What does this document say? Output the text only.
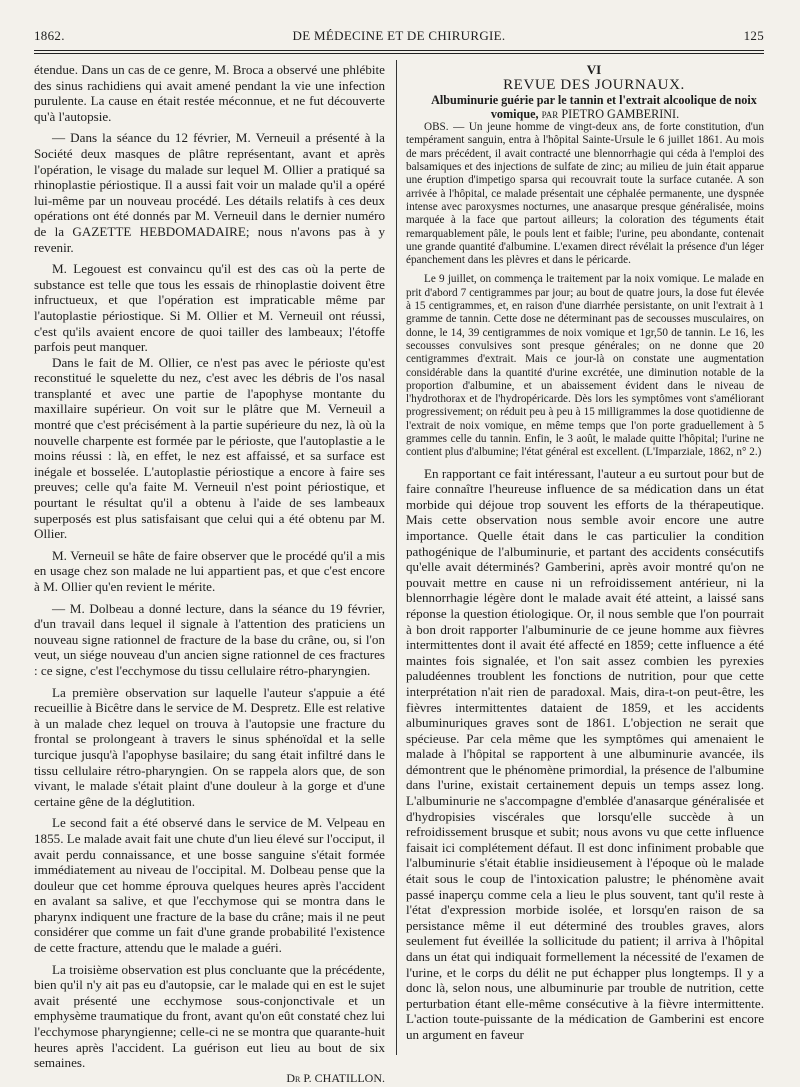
1862.	DE MÉDECINE ET DE CHIRURGIE.	125

étendue. Dans un cas de ce genre, M. Broca a observé une phlébite des sinus rachidiens qui avait amené pendant la vie une infection purulente. La cause en était restée méconnue, et ne fut découverte qu'à l'autopsie.

— Dans la séance du 12 février, M. Verneuil a présenté à la Société deux masques de plâtre représentant, avant et après l'opération, le visage du malade sur lequel M. Ollier a pratiqué sa rhinoplastie périostique. Il a aussi fait voir un malade qu'il a opéré lui-même par un nouveau procédé. Les détails relatifs à ces deux opérations ont été donnés par M. Verneuil dans le dernier numéro de la GAZETTE HEBDOMADAIRE; nous n'avons pas à y revenir.

M. Legouest est convaincu qu'il est des cas où la perte de substance est telle que tous les essais de rhinoplastie doivent être infructueux, et que l'opération est impraticable même par l'autoplastie périostique. Si M. Ollier et M. Verneuil ont réussi, c'est qu'ils avaient encore de quoi tailler des lambeaux; l'étoffe parfois peut manquer.

Dans le fait de M. Ollier, ce n'est pas avec le périoste qu'est reconstitué le squelette du nez, c'est avec les débris de l'os nasal transplanté et avec une partie de l'apophyse montante du maxillaire supérieur. On voit sur le plâtre que M. Verneuil a montré que c'est précisément à la partie supérieure du nez, là où la nouvelle charpente est formée par le périoste, que l'autoplastie a le moins réussi : là, en effet, le nez est affaissé, et sa surface est inégale et bosselée. L'autoplastie périostique a encore à faire ses preuves; celle qu'a faite M. Verneuil n'est point périostique, et pourtant le résultat qu'il a obtenu à l'aide de ses lambeaux superposés est plus satisfaisant que celui qui a été obtenu par M. Ollier.

M. Verneuil se hâte de faire observer que le procédé qu'il a mis en usage chez son malade ne lui appartient pas, et que c'est encore à M. Ollier qu'en revient le mérite.

— M. Dolbeau a donné lecture, dans la séance du 19 février, d'un travail dans lequel il signale à l'attention des praticiens un nouveau signe rationnel de fracture de la base du crâne, ou, si l'on veut, un siége nouveau d'un ancien signe rationnel de ces fractures : ce signe, c'est l'ecchymose du tissu cellulaire rétro-pharyngien.

La première observation sur laquelle l'auteur s'appuie a été recueillie à Bicêtre dans le service de M. Despretz. Elle est relative à un malade chez lequel on trouva à l'autopsie une fracture du frontal se prolongeant à travers le sinus sphénoïdal et la selle turcique jusqu'à l'apophyse basilaire; du sang était infiltré dans le tissu cellulaire rétro-pharyngien. On se rappela alors que, de son vivant, le malade s'était plaint d'une douleur à la gorge et d'une certaine gêne de la déglutition.

Le second fait a été observé dans le service de M. Velpeau en 1855. Le malade avait fait une chute d'un lieu élevé sur l'occiput, il avait perdu connaissance, et une bosse sanguine s'était formée immédiatement au niveau de l'occipital. M. Dolbeau pense que la douleur que cet homme éprouva quelques heures après l'accident en avalant sa salive, et que l'ecchymose qui se montra dans le pharynx indiquent une fracture de la base du crâne; mais il ne peut considérer que comme un fait d'une grande probabilité l'existence de cette fracture, attendu que le malade a guéri.

La troisième observation est plus concluante que la précédente, bien qu'il n'y ait pas eu d'autopsie, car le malade qui en est le sujet avait présenté une ecchymose sous-conjonctivale et un emphysème traumatique du front, avant qu'on eût constaté chez lui l'ecchymose pharyngienne; celle-ci ne se montra que quarante-huit heures après l'accident. La guérison eut lieu au bout de six semaines.

Dr P. CHATILLON.

VI

REVUE DES JOURNAUX.

Albuminurie guérie par le tannin et l'extrait alcoolique de noix vomique, par PIETRO GAMBERINI.

OBS. — Un jeune homme de vingt-deux ans, de forte constitution, d'un tempérament sanguin, entra à l'hôpital Sainte-Ursule le 6 juillet 1861. Au mois de mars précédent, il avait contracté une blennorrhagie qui céda à l'emploi des balsamiques et des injections de sulfate de zinc; au milieu de juin était apparue une éruption d'impetigo sparsa qui recouvrait toute la surface cutanée. A son arrivée à l'hôpital, ce malade présentait une céphalée permanente, une dyspnée intense avec paroxysmes nocturnes, une anasarque presque généralisée, moins marquée à la face que partout ailleurs; la coloration des téguments était remarquablement pâle, le pouls lent et faible; l'urine, peu abondante, contenait une grande quantité d'albumine. L'examen direct révélait la présence d'un léger épanchement dans les plèvres et dans le péricarde.

Le 9 juillet, on commença le traitement par la noix vomique. Le malade en prit d'abord 7 centigrammes par jour; au bout de quatre jours, la dose fut élevée à 15 centigrammes, et, en raison d'une diarrhée persistante, on unit l'extrait à 1 gramme de tannin. Cette dose ne déterminant pas de secousses musculaires, on donne, le 14, 39 centigrammes de noix vomique et 1gr,50 de tannin. Le 16, les secousses convulsives sont presque générales; on ne donne que 20 centigrammes d'extrait. Mais ce jour-là on constate une augmentation considérable dans la quantité d'urine excrétée, une diminution notable de la proportion d'albumine, et un abaissement évident dans le niveau de l'hydrothorax et de l'hydropéricarde. Dès lors les symptômes vont s'améliorant progressivement; on réduit peu à peu à 15 milligrammes la dose quotidienne de l'extrait de noix vomique, en même temps que l'on porte graduellement à 5 grammes celle du tannin. Enfin, le 3 août, le malade quitte l'hôpital; l'urine ne contient plus d'albumine; l'état général est excellent. (L'Imparziale, 1862, n° 2.)

En rapportant ce fait intéressant, l'auteur a eu surtout pour but de faire connaître l'heureuse influence de sa médication dans un état morbide qui déjoue trop souvent les efforts de la thérapeutique. Mais cette observation nous semble avoir encore une autre importance. Quelle était dans le cas particulier la condition pathogénique de l'albuminurie, et partant des accidents consécutifs qu'elle avait déterminés? Gamberini, après avoir montré qu'on ne pouvait mettre en cause ni un refroidissement antérieur, ni la blennorrhagie légère dont le malade avait été atteint, a laissé sans réponse la question étiologique. Or, il nous semble que l'on pourrait à bon droit rapporter l'albuminurie de ce jeune homme aux fièvres intermittentes dont il avait été affecté en 1859; cette influence a été maintes fois signalée, et l'on sait assez combien les pyrexies paludéennes troublent les fonctions de nutrition, pour que cette interprétation n'ait rien de paradoxal. Mais, dira-t-on peut-être, les fièvres intermittentes dataient de 1859, et les accidents albuminuriques graves sont de 1861. L'objection ne serait que spécieuse. Par cela même que les symptômes qui amenaient le malade à l'hôpital se rapportent à une albuminurie avancée, ils démontrent que le phénomène primordial, la présence de l'albumine dans l'urine, existait certainement depuis un temps assez long. L'albuminurie ne s'accompagne d'emblée d'anasarque généralisée et d'hydropisies viscérales que lorsqu'elle succède à un refroidissement brusque et subit; nous avons vu que cette influence faisait ici complétement défaut. Il est donc infiniment probable que l'albuminurie s'était établie insidieusement à l'époque où le malade était sous le coup de l'intoxication palustre; le phénomène avait passé inaperçu comme cela a lieu le plus souvent, tant qu'il reste à l'état d'expression morbide isolée, et lorsqu'en raison de sa persistance même il eut déterminé des troubles graves, alors seulement fut éveillée la sollicitude du patient; il arriva à l'hôpital dans un état qui indiquait formellement la nécessité de l'examen de l'urine, et le corps du délit ne put échapper plus longtemps. Il y a donc là, selon nous, une albuminurie par trouble de nutrition, cette perturbation étant elle-même consécutive à la fièvre intermittente. L'action toute-puissante de la médication de Gamberini est encore un argument en faveur
